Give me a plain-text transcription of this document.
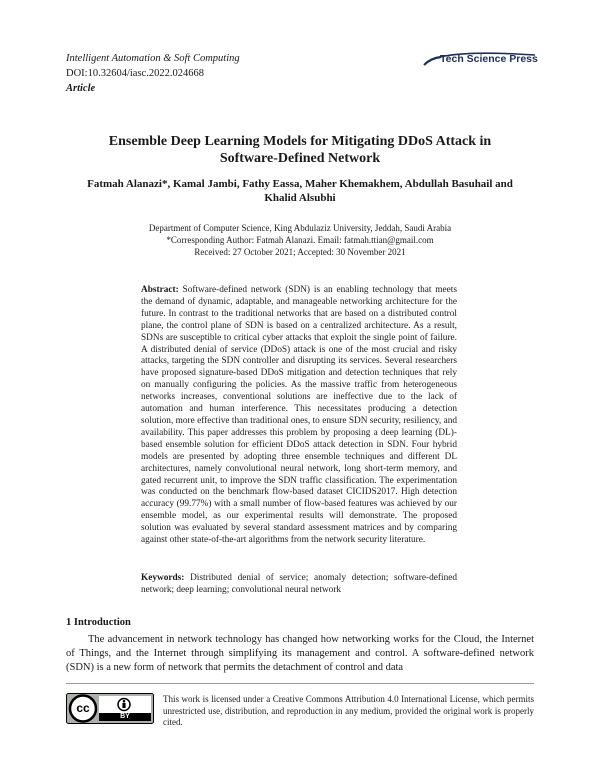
Intelligent Automation & Soft Computing
DOI:10.32604/iasc.2022.024668
Article
Tech Science Press
Ensemble Deep Learning Models for Mitigating DDoS Attack in
Software-Defined Network
Fatmah Alanazi*, Kamal Jambi, Fathy Eassa, Maher Khemakhem, Abdullah Basuhail and
Khalid Alsubhi
Department of Computer Science, King Abdulaziz University, Jeddah, Saudi Arabia
*Corresponding Author: Fatmah Alanazi. Email: fatmah.ttian@gmail.com
Received: 27 October 2021; Accepted: 30 November 2021
Abstract: Software-defined network (SDN) is an enabling technology that meets the demand of dynamic, adaptable, and manageable networking architecture for the future. In contrast to the traditional networks that are based on a distributed control plane, the control plane of SDN is based on a centralized architecture. As a result, SDNs are susceptible to critical cyber attacks that exploit the single point of failure. A distributed denial of service (DDoS) attack is one of the most crucial and risky attacks, targeting the SDN controller and disrupting its services. Several researchers have proposed signature-based DDoS mitigation and detection techniques that rely on manually configuring the policies. As the massive traffic from heterogeneous networks increases, conventional solutions are ineffective due to the lack of automation and human interference. This necessitates producing a detection solution, more effective than traditional ones, to ensure SDN security, resiliency, and availability. This paper addresses this problem by proposing a deep learning (DL)-based ensemble solution for efficient DDoS attack detection in SDN. Four hybrid models are presented by adopting three ensemble techniques and different DL architectures, namely convolutional neural network, long short-term memory, and gated recurrent unit, to improve the SDN traffic classification. The experimentation was conducted on the benchmark flow-based dataset CICIDS2017. High detection accuracy (99.77%) with a small number of flow-based features was achieved by our ensemble model, as our experimental results will demonstrate. The proposed solution was evaluated by several standard assessment matrices and by comparing against other state-of-the-art algorithms from the network security literature.
Keywords: Distributed denial of service; anomaly detection; software-defined network; deep learning; convolutional neural network
1 Introduction
The advancement in network technology has changed how networking works for the Cloud, the Internet of Things, and the Internet through simplifying its management and control. A software-defined network (SDN) is a new form of network that permits the detachment of control and data
cc
BY
This work is licensed under a Creative Commons Attribution 4.0 International License, which permits unrestricted use, distribution, and reproduction in any medium, provided the original work is properly cited.
